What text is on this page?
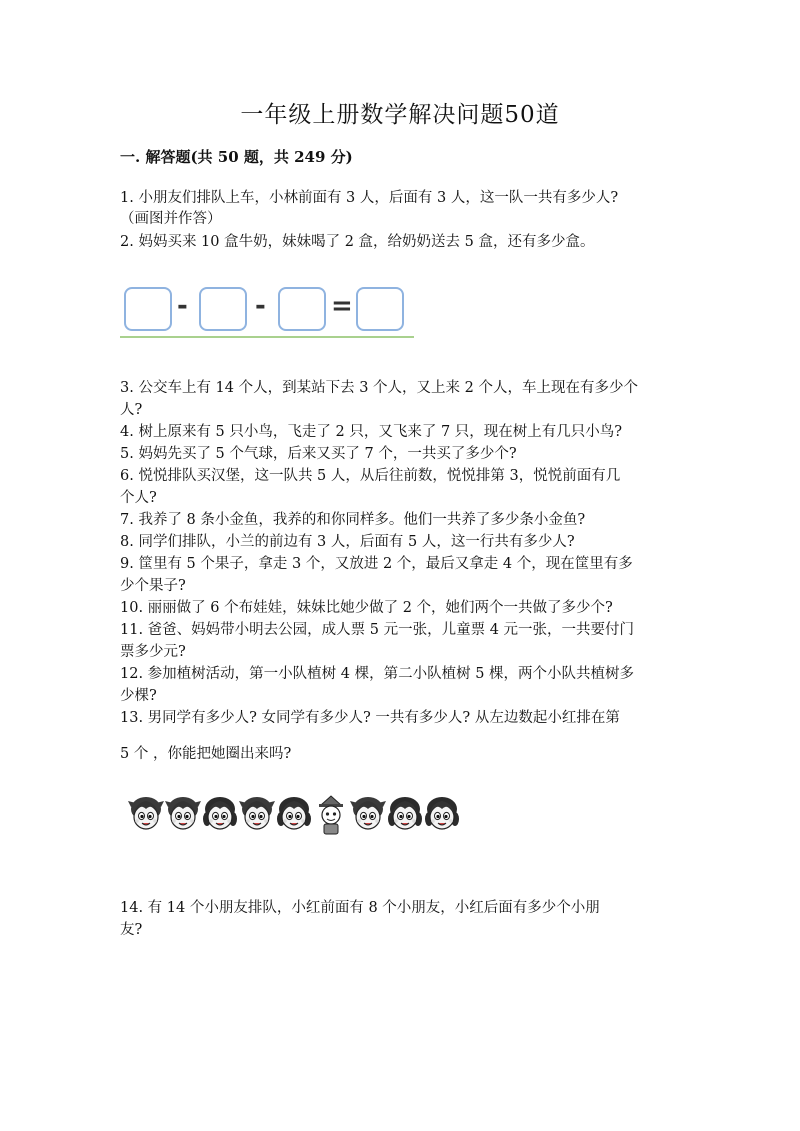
一年级上册数学解决问题50道
一. 解答题(共 50 题，共 249 分)
1. 小朋友们排队上车，小林前面有 3 人，后面有 3 人，这一队一共有多少人?
（画图并作答）
2. 妈妈买来 10 盒牛奶，妹妹喝了 2 盒，给奶奶送去 5 盒，还有多少盒。
-	-	=
3. 公交车上有 14 个人，到某站下去 3 个人，又上来 2 个人，车上现在有多少个
人?
4. 树上原来有 5 只小鸟，飞走了 2 只，又飞来了 7 只，现在树上有几只小鸟?
5. 妈妈先买了 5 个气球，后来又买了 7 个，一共买了多少个?
6. 悦悦排队买汉堡，这一队共 5 人，从后往前数，悦悦排第 3，悦悦前面有几
个人?
7. 我养了 8 条小金鱼，我养的和你同样多。他们一共养了多少条小金鱼?
8. 同学们排队，小兰的前边有 3 人，后面有 5 人，这一行共有多少人?
9. 筐里有 5 个果子，拿走 3 个，又放进 2 个，最后又拿走 4 个，现在筐里有多
少个果子?
10. 丽丽做了 6 个布娃娃，妹妹比她少做了 2 个，她们两个一共做了多少个?
11. 爸爸、妈妈带小明去公园，成人票 5 元一张，儿童票 4 元一张，一共要付门
票多少元?
12. 参加植树活动，第一小队植树 4 棵，第二小队植树 5 棵，两个小队共植树多
少棵?
13. 男同学有多少人? 女同学有多少人? 一共有多少人? 从左边数起小红排在第
5 个 ，你能把她圈出来吗?
14. 有 14 个小朋友排队，小红前面有 8 个小朋友，小红后面有多少个小朋
友?
